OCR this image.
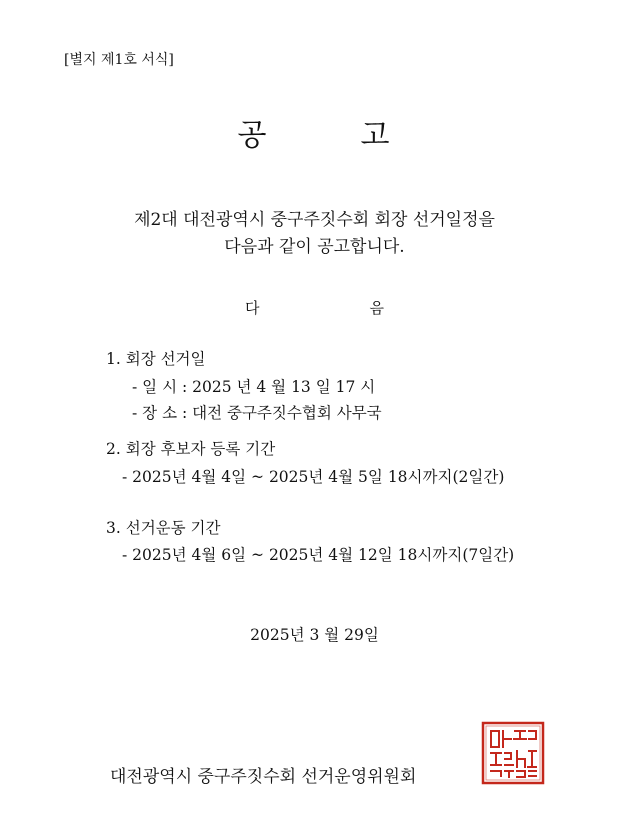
[별지 제1호 서식]
공	고
제2대 대전광역시 중구주짓수회 회장 선거일정을
다음과 같이 공고합니다.
다	음
1. 회장 선거일
- 일 시 : 2025 년 4 월 13 일 17 시
- 장 소 : 대전 중구주짓수협회 사무국
2. 회장 후보자 등록 기간
- 2025년 4월 4일 ~ 2025년 4월 5일 18시까지(2일간)
3. 선거운동 기간
- 2025년 4월 6일 ~ 2025년 4월 12일 18시까지(7일간)
2025년 3 월 29일
대전광역시 중구주짓수회 선거운영위원회
